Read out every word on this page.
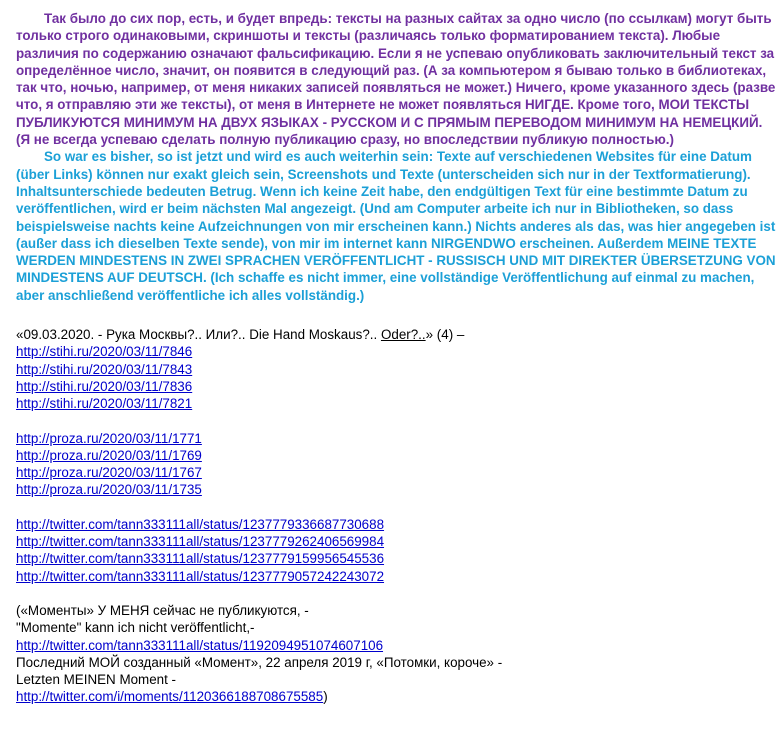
Так было до сих пор, есть, и будет впредь: тексты на разных сайтах за одно число (по ссылкам) могут быть только строго одинаковыми, скриншоты и тексты (различаясь только форматированием текста). Любые различия по содержанию означают фальсификацию. Если я не успеваю опубликовать заключительный текст за определённое число, значит, он появится в следующий раз. (А за компьютером я бываю только в библиотеках, так что, ночью, например, от меня никаких записей появляться не может.) Ничего, кроме указанного здесь (разве что, я отправляю эти же тексты), от меня в Интернете не может появляться НИГДЕ. Кроме того, МОИ ТЕКСТЫ ПУБЛИКУЮТСЯ МИНИМУМ НА ДВУХ ЯЗЫКАХ - РУССКОМ И С ПРЯМЫМ ПЕРЕВОДОМ МИНИМУМ НА НЕМЕЦКИЙ. (Я не всегда успеваю сделать полную публикацию сразу, но впоследствии публикую полностью.)

So war es bisher, so ist jetzt und wird es auch weiterhin sein: Texte auf verschiedenen Websites für eine Datum (über Links) können nur exakt gleich sein, Screenshots und Texte (unterscheiden sich nur in der Textformatierung). Inhaltsunterschiede bedeuten Betrug. Wenn ich keine Zeit habe, den endgültigen Text für eine bestimmte Datum zu veröffentlichen, wird er beim nächsten Mal angezeigt. (Und am Computer arbeite ich nur in Bibliotheken, so dass beispielsweise nachts keine Aufzeichnungen von mir erscheinen kann.) Nichts anderes als das, was hier angegeben ist (außer dass ich dieselben Texte sende), von mir im internet kann NIRGENDWO erscheinen. Außerdem MEINE TEXTE WERDEN MINDESTENS IN ZWEI SPRACHEN VERÖFFENTLICHT - RUSSISCH UND MIT DIREKTER ÜBERSETZUNG VON MINDESTENS AUF DEUTSCH. (Ich schaffe es nicht immer, eine vollständige Veröffentlichung auf einmal zu machen, aber anschließend veröffentliche ich alles vollständig.)

«09.03.2020. - Рука Москвы?.. Или?.. Die Hand Moskaus?.. Oder?..» (4) –
http://stihi.ru/2020/03/11/7846
http://stihi.ru/2020/03/11/7843
http://stihi.ru/2020/03/11/7836
http://stihi.ru/2020/03/11/7821
http://proza.ru/2020/03/11/1771
http://proza.ru/2020/03/11/1769
http://proza.ru/2020/03/11/1767
http://proza.ru/2020/03/11/1735
http://twitter.com/tann333111all/status/1237779336687730688
http://twitter.com/tann333111all/status/1237779262406569984
http://twitter.com/tann333111all/status/1237779159956545536
http://twitter.com/tann333111all/status/1237779057242243072
(«Моменты» У МЕНЯ сейчас не публикуются, -
"Momente" kann ich nicht veröffentlicht,-
http://twitter.com/tann333111all/status/1192094951074607106
Последний МОЙ созданный «Момент», 22 апреля 2019 г, «Потомки, короче» -
Letzten MEINEN Moment -
http://twitter.com/i/moments/1120366188708675585)
